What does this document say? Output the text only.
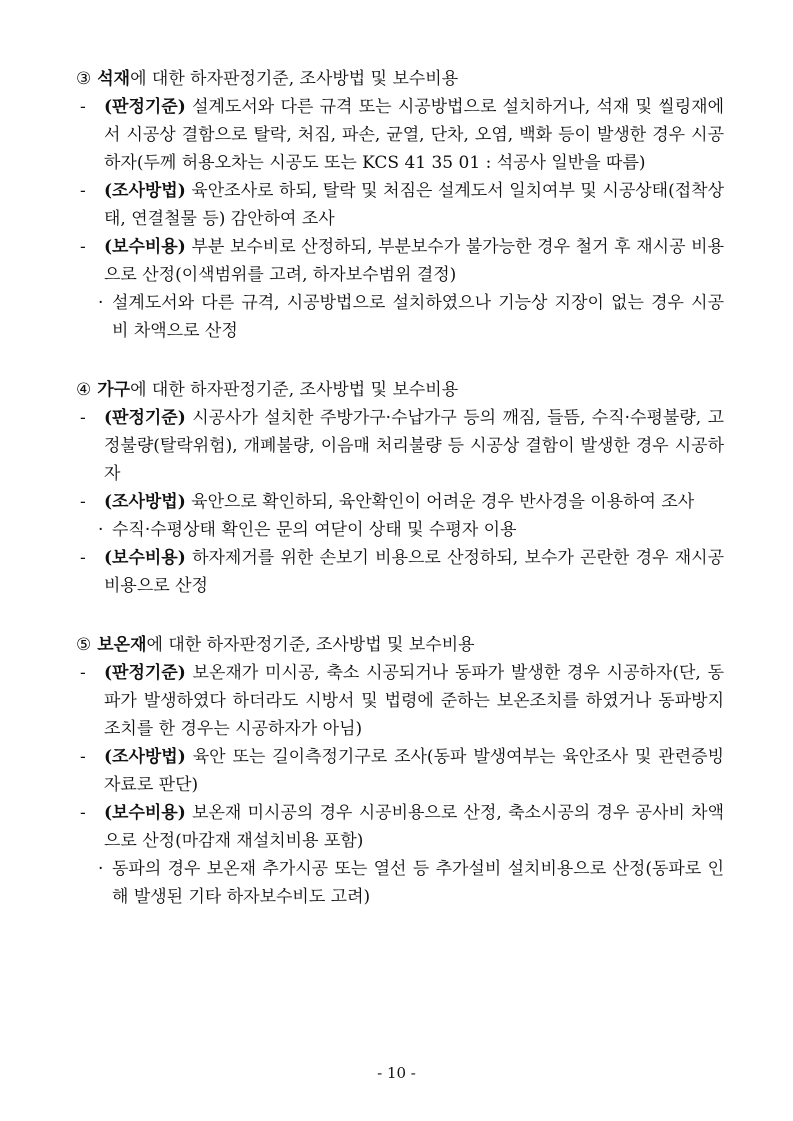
③ 석재에 대한 하자판정기준, 조사방법 및 보수비용
-	(판정기준) 설계도서와 다른 규격 또는 시공방법으로 설치하거나, 석재 및 씰링재에서 시공상 결함으로 탈락, 처짐, 파손, 균열, 단차, 오염, 백화 등이 발생한 경우 시공하자(두께 허용오차는 시공도 또는 KCS 41 35 01 : 석공사 일반을 따름)
-	(조사방법) 육안조사로 하되, 탈락 및 처짐은 설계도서 일치여부 및 시공상태(접착상태, 연결철물 등) 감안하여 조사
-	(보수비용) 부분 보수비로 산정하되, 부분보수가 불가능한 경우 철거 후 재시공 비용으로 산정(이색범위를 고려, 하자보수범위 결정)
· 설계도서와 다른 규격, 시공방법으로 설치하였으나 기능상 지장이 없는 경우 시공비 차액으로 산정
④ 가구에 대한 하자판정기준, 조사방법 및 보수비용
-	(판정기준) 시공사가 설치한 주방가구·수납가구 등의 깨짐, 들뜸, 수직·수평불량, 고정불량(탈락위험), 개폐불량, 이음매 처리불량 등 시공상 결함이 발생한 경우 시공하자
-	(조사방법) 육안으로 확인하되, 육안확인이 어려운 경우 반사경을 이용하여 조사
· 수직·수평상태 확인은 문의 여닫이 상태 및 수평자 이용
-	(보수비용) 하자제거를 위한 손보기 비용으로 산정하되, 보수가 곤란한 경우 재시공 비용으로 산정
⑤ 보온재에 대한 하자판정기준, 조사방법 및 보수비용
-	(판정기준) 보온재가 미시공, 축소 시공되거나 동파가 발생한 경우 시공하자(단, 동파가 발생하였다 하더라도 시방서 및 법령에 준하는 보온조치를 하였거나 동파방지조치를 한 경우는 시공하자가 아님)
-	(조사방법) 육안 또는 길이측정기구로 조사(동파 발생여부는 육안조사 및 관련증빙자료로 판단)
-	(보수비용) 보온재 미시공의 경우 시공비용으로 산정, 축소시공의 경우 공사비 차액으로 산정(마감재 재설치비용 포함)
· 동파의 경우 보온재 추가시공 또는 열선 등 추가설비 설치비용으로 산정(동파로 인해 발생된 기타 하자보수비도 고려)
- 10 -
